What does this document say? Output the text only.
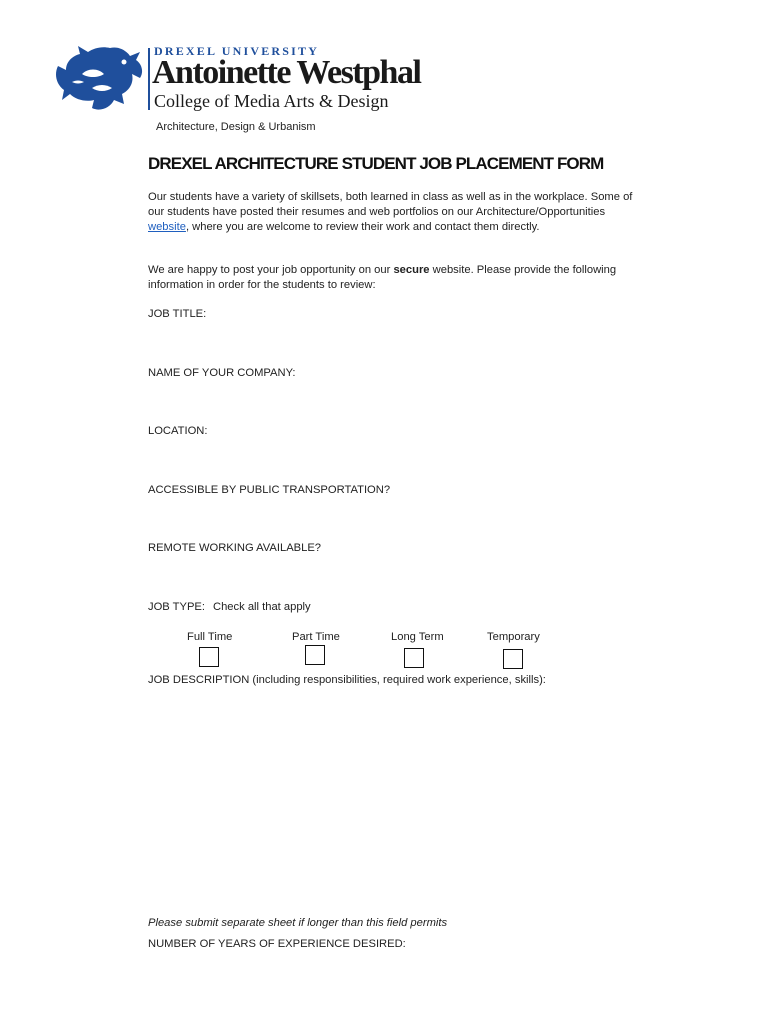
DREXEL UNIVERSITY
Antoinette Westphal
College of Media Arts & Design
Architecture, Design & Urbanism
DREXEL ARCHITECTURE STUDENT JOB PLACEMENT FORM
Our students have a variety of skillsets, both learned in class as well as in the workplace. Some of our students have posted their resumes and web portfolios on our Architecture/Opportunities website, where you are welcome to review their work and contact them directly.
We are happy to post your job opportunity on our secure website. Please provide the following information in order for the students to review:
JOB TITLE:
NAME OF YOUR COMPANY:
LOCATION:
ACCESSIBLE BY PUBLIC TRANSPORTATION?
REMOTE WORKING AVAILABLE?
JOB TYPE: Check all that apply
Full Time	Part Time	Long Term	Temporary
JOB DESCRIPTION (including responsibilities, required work experience, skills):
Please submit separate sheet if longer than this field permits
NUMBER OF YEARS OF EXPERIENCE DESIRED:
